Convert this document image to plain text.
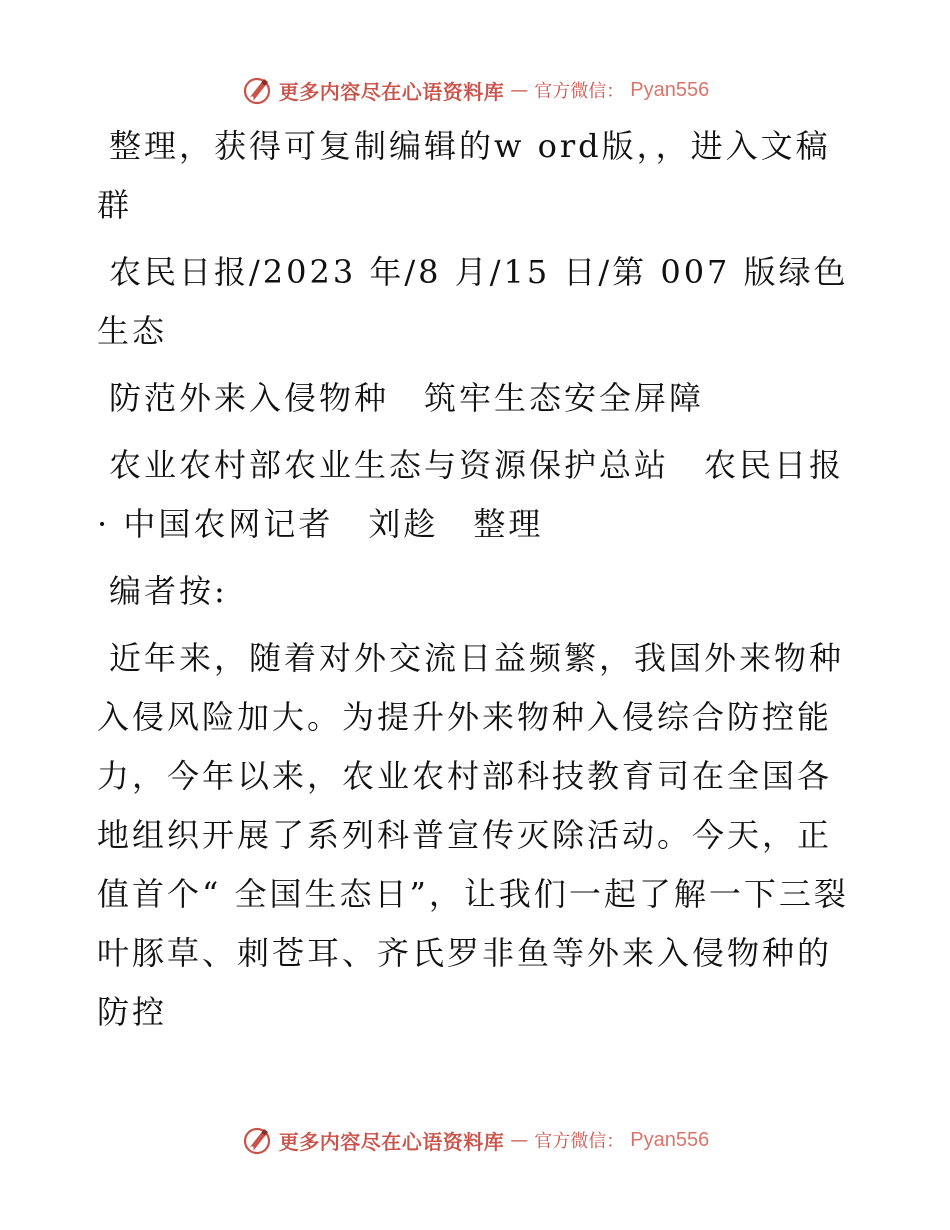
更多内容尽在心语资料库 — 官方微信： Pyan556

整理，获得可复制编辑的w ord版，，进入文稿群

农民日报/2023 年/8 月/15 日/第 007 版绿色生态

防范外来入侵物种　筑牢生态安全屏障

农业农村部农业生态与资源保护总站　农民日报· 中国农网记者　刘趁　整理

编者按:

近年来，随着对外交流日益频繁，我国外来物种入侵风险加大。为提升外来物种入侵综合防控能力，今年以来，农业农村部科技教育司在全国各地组织开展了系列科普宣传灭除活动。今天，正值首个“ 全国生态日”，让我们一起了解一下三裂叶豚草、刺苍耳、齐氏罗非鱼等外来入侵物种的防控

更多内容尽在心语资料库 — 官方微信： Pyan556
